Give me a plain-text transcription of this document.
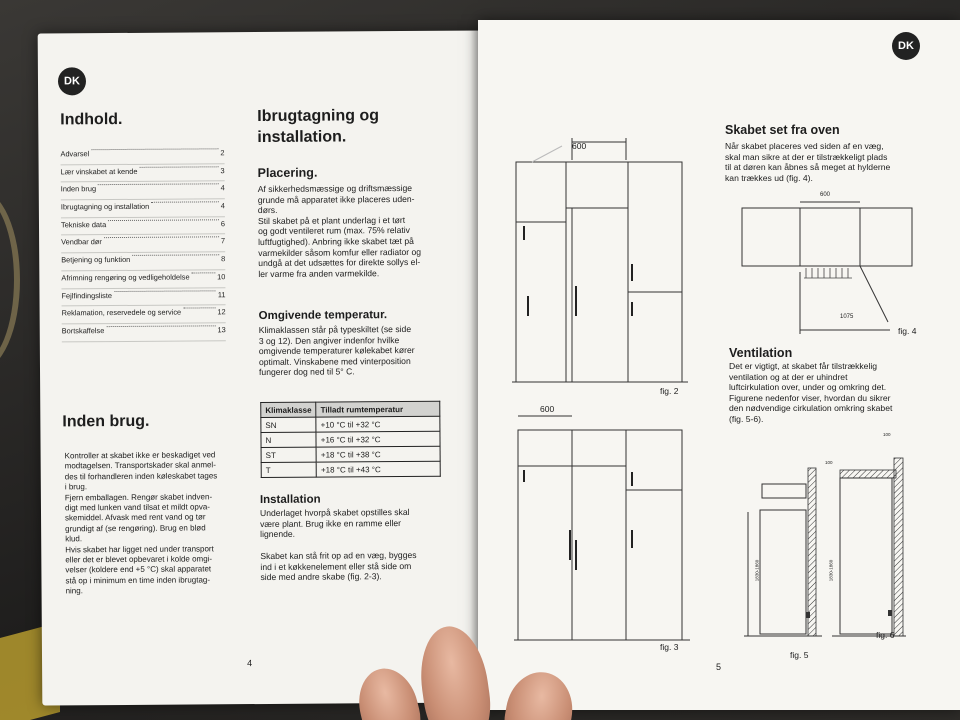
DK
Indhold.
Advarsel	2
Lær vinskabet at kende	3
Inden brug	4
Ibrugtagning og installation	4
Tekniske data	6
Vendbar dør	7
Betjening og funktion	8
Afrimning rengøring og vedligeholdelse	10
Fejlfindingsliste	11
Reklamation, reservedele og service	12
Bortskaffelse	13
Inden brug.
Kontroller at skabet ikke er beskadiget ved
modtagelsen. Transportskader skal anmel-
des til forhandleren inden køleskabet tages
i brug.
Fjern emballagen. Rengør skabet indven-
digt med lunken vand tilsat et mildt opva-
skemiddel. Afvask med rent vand og tør
grundigt af (se rengøring). Brug en blød
klud.
Hvis skabet har ligget ned under transport
eller det er blevet opbevaret i kolde omgi-
velser (koldere end +5 °C) skal apparatet
stå op i minimum en time inden ibrugtag-
ning.
Ibrugtagning og
installation.
Placering.
Af sikkerhedsmæssige og driftsmæssige
grunde må apparatet ikke placeres uden-
dørs.
Stil skabet på et plant underlag i et tørt
og godt ventileret rum (max. 75% relativ
luftfugtighed). Anbring ikke skabet tæt på
varmekilder såsom komfur eller radiator og
undgå at det udsættes for direkte sollys el-
ler varme fra anden varmekilde.
Omgivende temperatur.
Klimaklassen står på typeskiltet (se side
3 og 12). Den angiver indenfor hvilke
omgivende temperaturer kølekabet kører
optimalt. Vinskabene med vinterposition
fungerer dog ned til 5° C.
Klimaklasse	Tilladt rumtemperatur
SN	+10 °C til +32 °C
N	+16 °C til +32 °C
ST	+18 °C til +38 °C
T	+18 °C til +43 °C
Installation
Underlaget hvorpå skabet opstilles skal
være plant. Brug ikke en ramme eller
lignende.
Skabet kan stå frit op ad en væg, bygges
ind i et køkkenelement eller stå side om
side med andre skabe (fig. 2-3).
4
DK
600
fig. 2
600
fig. 3
Skabet set fra oven
Når skabet placeres ved siden af en væg,
skal man sikre at der er tilstrækkeligt plads
til at døren kan åbnes så meget at hylderne
kan trækkes ud (fig. 4).
600
1075
fig. 4
Ventilation
Det er vigtigt, at skabet får tilstrækkelig
ventilation og at der er uhindret
luftcirkulation over, under og omkring det.
Figurene nedenfor viser, hvordan du sikrer
den nødvendige cirkulation omkring skabet
(fig. 5-6).
1830-1860
fig. 5
100
100
1830-1860
fig. 6
5
